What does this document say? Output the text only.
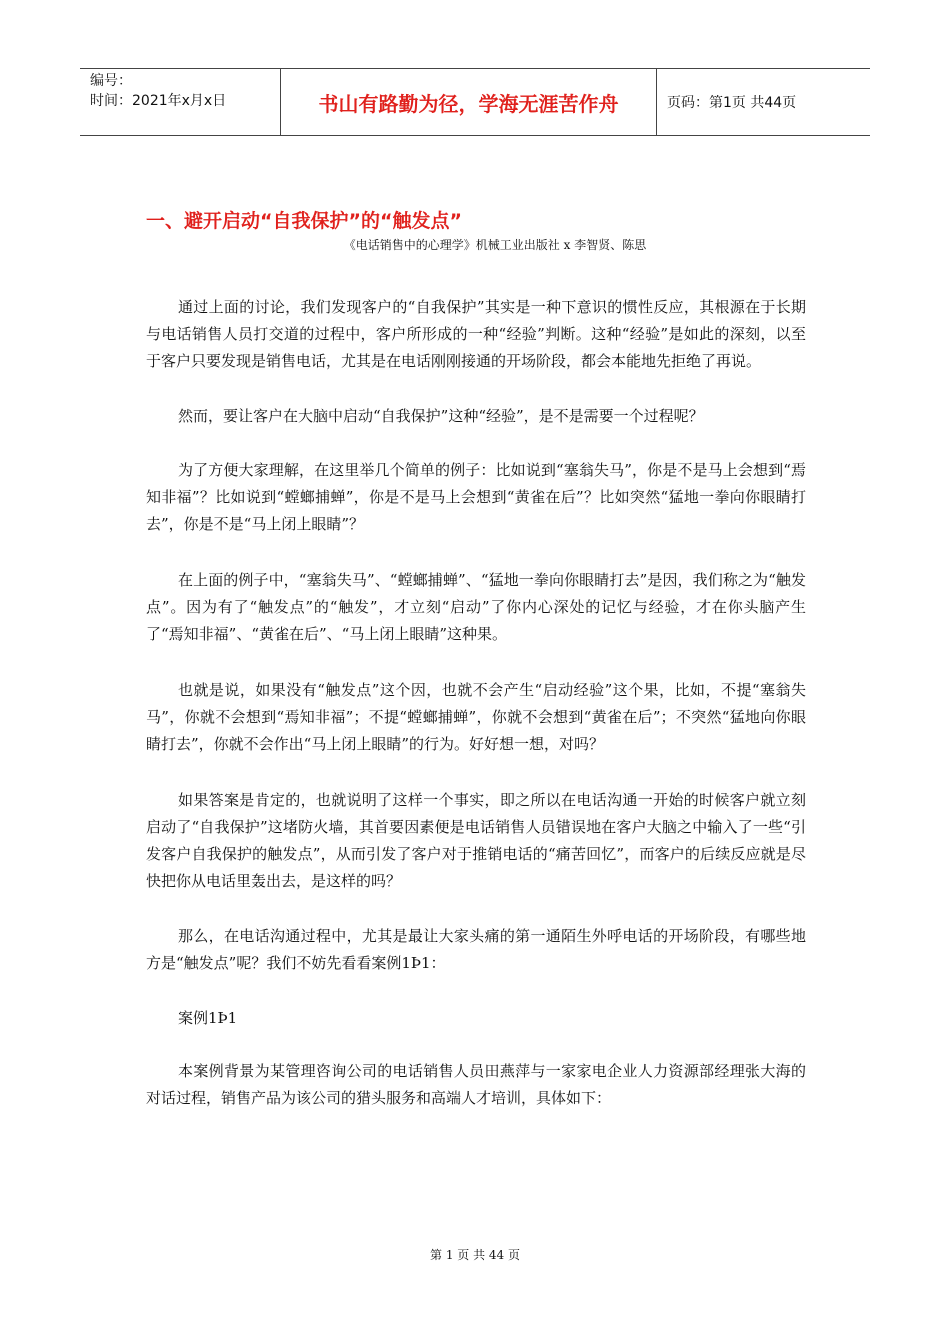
编号：
时间：2021年x月x日	书山有路勤为径，学海无涯苦作舟	页码：第1页 共44页
一、避开启动“自我保护”的“触发点”
《电话销售中的心理学》机械工业出版社 x 李智贤、陈思

通过上面的讨论，我们发现客户的“自我保护”其实是一种下意识的惯性反应，其根源在于长期与电话销售人员打交道的过程中，客户所形成的一种“经验”判断。这种“经验”是如此的深刻，以至于客户只要发现是销售电话，尤其是在电话刚刚接通的开场阶段，都会本能地先拒绝了再说。

然而，要让客户在大脑中启动“自我保护”这种“经验”，是不是需要一个过程呢？

为了方便大家理解，在这里举几个简单的例子：比如说到“塞翁失马”，你是不是马上会想到“焉知非福”？比如说到“螳螂捕蝉”，你是不是马上会想到“黄雀在后”？比如突然“猛地一拳向你眼睛打去”，你是不是“马上闭上眼睛”？

在上面的例子中，“塞翁失马”、“螳螂捕蝉”、“猛地一拳向你眼睛打去”是因，我们称之为“触发点”。因为有了“触发点”的“触发”，才立刻“启动”了你内心深处的记忆与经验，才在你头脑产生了“焉知非福”、“黄雀在后”、“马上闭上眼睛”这种果。

也就是说，如果没有“触发点”这个因，也就不会产生“启动经验”这个果，比如，不提“塞翁失马”，你就不会想到“焉知非福”；不提“螳螂捕蝉”，你就不会想到“黄雀在后”；不突然“猛地向你眼睛打去”，你就不会作出“马上闭上眼睛”的行为。好好想一想，对吗？

如果答案是肯定的，也就说明了这样一个事实，即之所以在电话沟通一开始的时候客户就立刻启动了“自我保护”这堵防火墙，其首要因素便是电话销售人员错误地在客户大脑之中输入了一些“引发客户自我保护的触发点”，从而引发了客户对于推销电话的“痛苦回忆”，而客户的后续反应就是尽快把你从电话里轰出去，是这样的吗？

那么，在电话沟通过程中，尤其是最让大家头痛的第一通陌生外呼电话的开场阶段，有哪些地方是“触发点”呢？我们不妨先看看案例1Þ1：

案例1Þ1

本案例背景为某管理咨询公司的电话销售人员田燕萍与一家家电企业人力资源部经理张大海的对话过程，销售产品为该公司的猎头服务和高端人才培训，具体如下：

第 1 页 共 44 页
